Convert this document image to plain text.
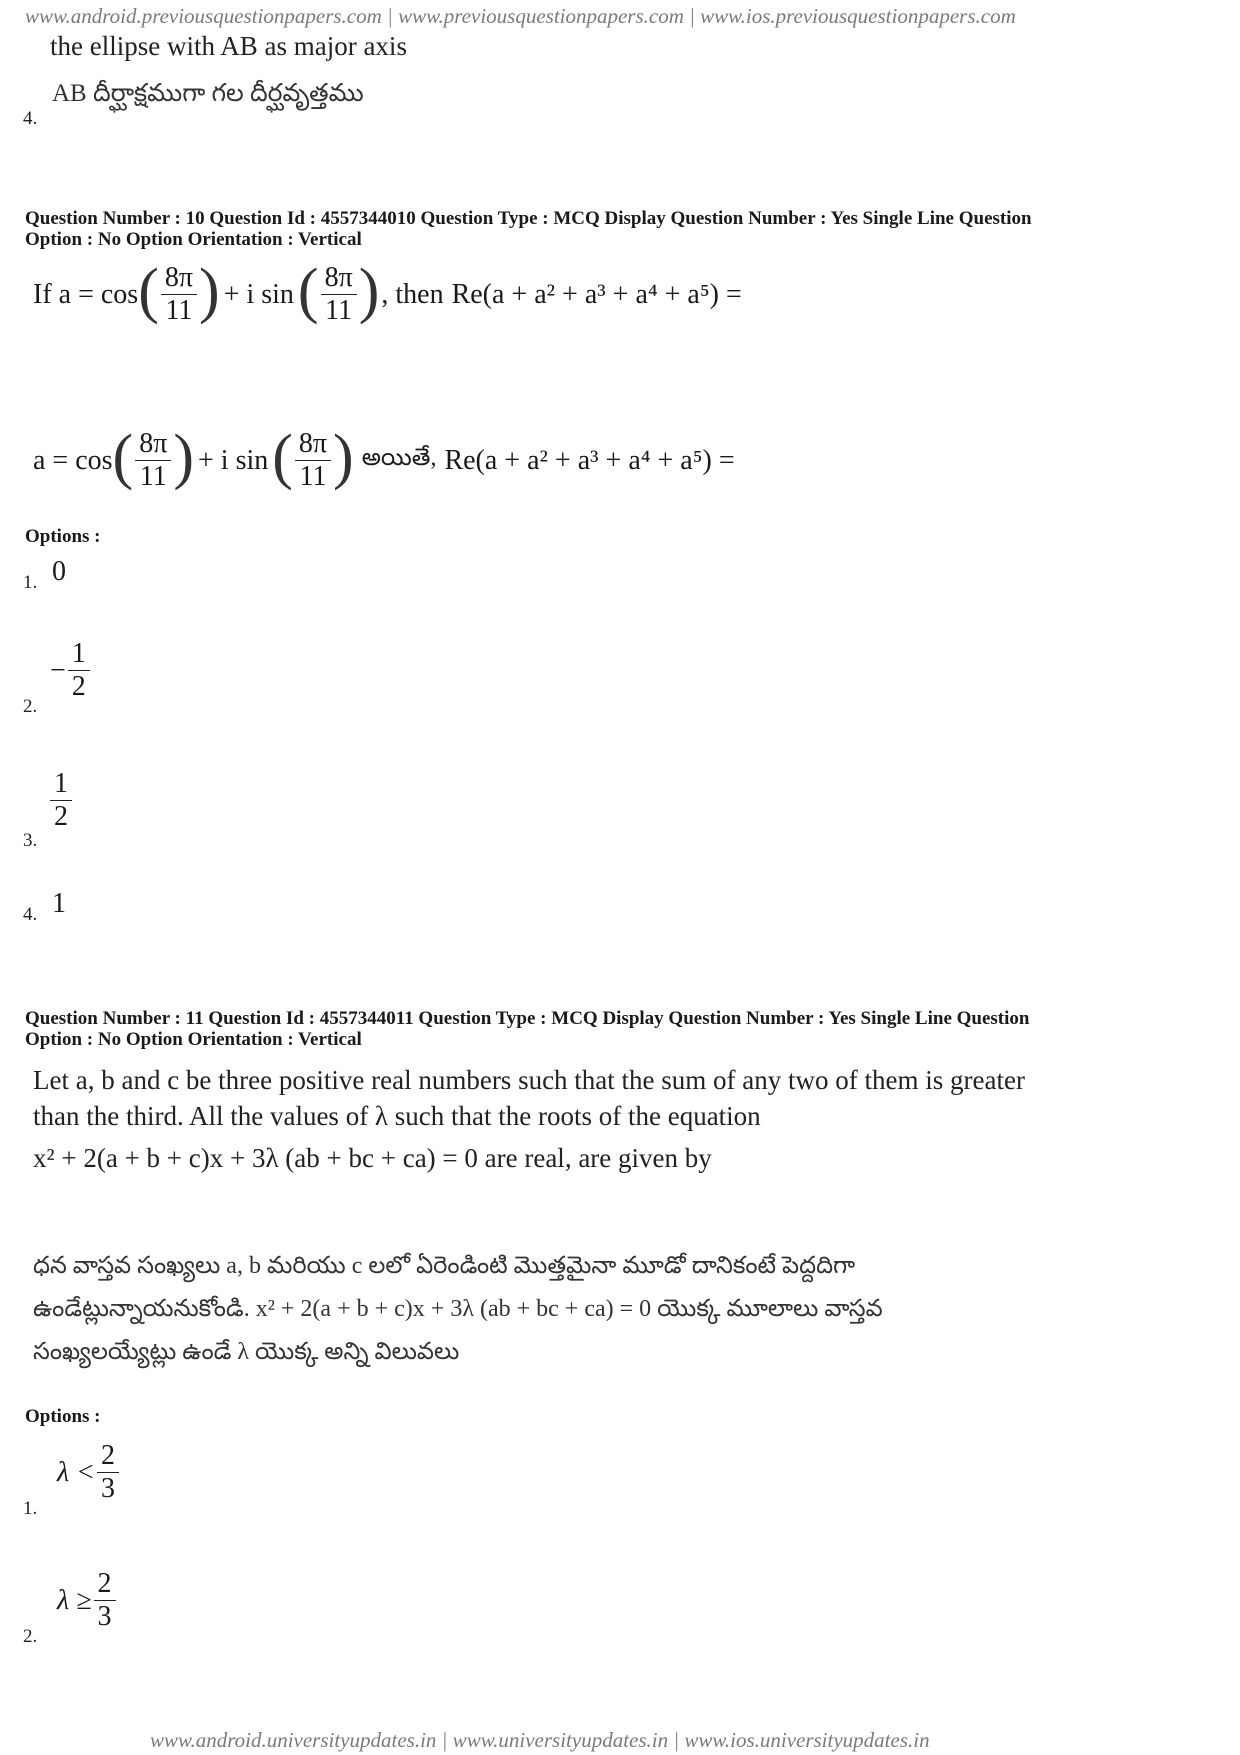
www.android.previousquestionpapers.com | www.previousquestionpapers.com | www.ios.previousquestionpapers.com
the ellipse with AB as major axis
4.
AB దీర్ఘాక్షముగా గల దీర్ఘవృత్తము
Question Number : 10 Question Id : 4557344010 Question Type : MCQ Display Question Number : Yes Single Line Question
Option : No Option Orientation : Vertical
If a = cos ( $\frac{8\pi}{11}$ ) + i sin ( $\frac{8\pi}{11}$ ) , then Re(a + a² + a³ + a⁴ + a⁵) =
a = cos ( $\frac{8\pi}{11}$ ) + i sin ( $\frac{8\pi}{11}$ ) అయితే, Re(a + a² + a³ + a⁴ + a⁵) =
Options :
1. 0
2.
− $\frac{1}{2}$
3.
$\frac{1}{2}$
4. 1
Question Number : 11 Question Id : 4557344011 Question Type : MCQ Display Question Number : Yes Single Line Question
Option : No Option Orientation : Vertical
Let a, b and c be three positive real numbers such that the sum of any two of them is greater
than the third. All the values of λ such that the roots of the equation
x² + 2(a + b + c)x + 3λ (ab + bc + ca) = 0 are real, are given by
ధన వాస్తవ సంఖ్యలు a, b మరియు c లలో ఏరెండింటి మొత్తమైనా మూడో దానికంటే పెద్దదిగా
ఉండేట్లున్నాయనుకోండి. x² + 2(a + b + c)x + 3λ (ab + bc + ca) = 0 యొక్క మూలాలు వాస్తవ
సంఖ్యలయ్యేట్లు ఉండే λ యొక్క అన్ని విలువలు
Options :
1.
$\lambda < \frac{2}{3}$
2.
$\lambda \ge \frac{2}{3}$
www.android.universityupdates.in | www.universityupdates.in | www.ios.universityupdates.in
